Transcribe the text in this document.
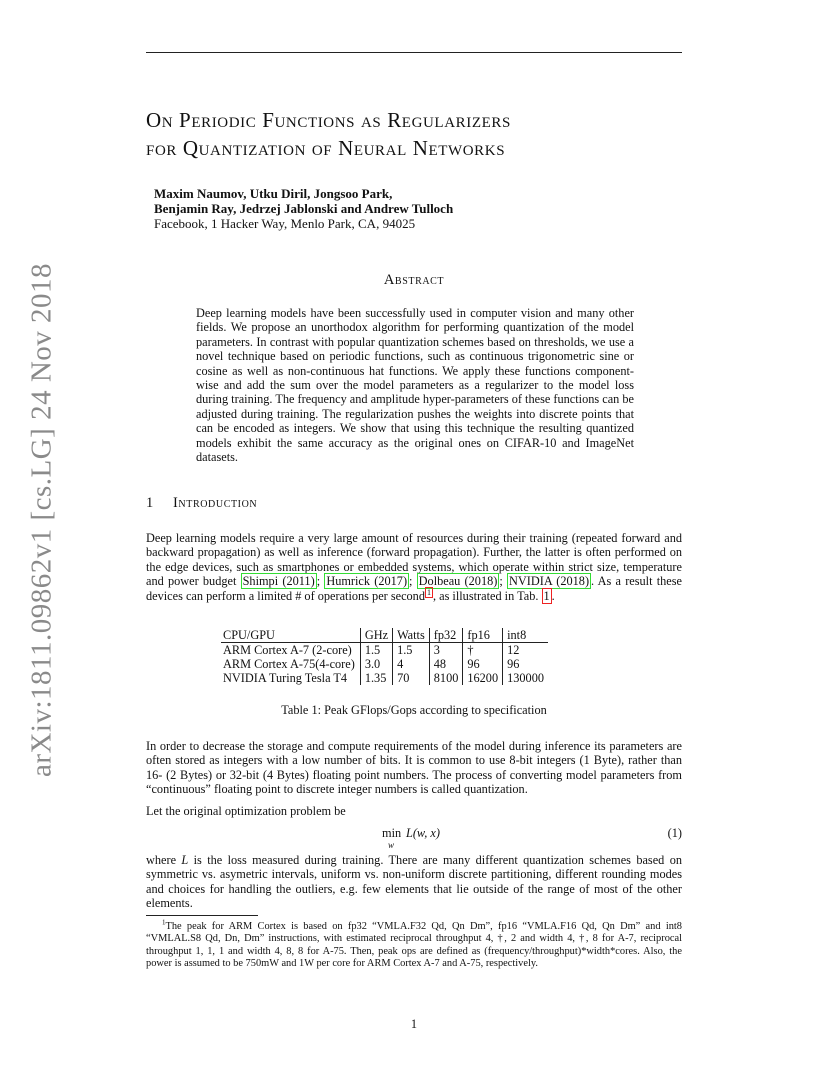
arXiv:1811.09862v1 [cs.LG] 24 Nov 2018
On Periodic Functions as Regularizers
for Quantization of Neural Networks
Maxim Naumov, Utku Diril, Jongsoo Park,
Benjamin Ray, Jedrzej Jablonski and Andrew Tulloch
Facebook, 1 Hacker Way, Menlo Park, CA, 94025
Abstract
Deep learning models have been successfully used in computer vision and many other fields. We propose an unorthodox algorithm for performing quantization of the model parameters. In contrast with popular quantization schemes based on thresholds, we use a novel technique based on periodic functions, such as continuous trigonometric sine or cosine as well as non-continuous hat functions. We apply these functions component-wise and add the sum over the model parameters as a regularizer to the model loss during training. The frequency and amplitude hyper-parameters of these functions can be adjusted during training. The regularization pushes the weights into discrete points that can be encoded as integers. We show that using this technique the resulting quantized models exhibit the same accuracy as the original ones on CIFAR-10 and ImageNet datasets.
1 Introduction
Deep learning models require a very large amount of resources during their training (repeated forward and backward propagation) as well as inference (forward propagation). Further, the latter is often performed on the edge devices, such as smartphones or embedded systems, which operate within strict size, temperature and power budget Shimpi (2011) ; Humrick (2017) ; Dolbeau (2018) ; NVIDIA (2018) . As a result these devices can perform a limited # of operations per second $^1$ , as illustrated in Tab. 1 .
CPU/GPU	GHz	Watts	fp32	fp16	int8
ARM Cortex A-7 (2-core)	1.5	1.5	3	†	12
ARM Cortex A-75(4-core)	3.0	4	48	96	96
NVIDIA Turing Tesla T4	1.35	70	8100	16200	130000
Table 1: Peak GFlops/Gops according to specification
In order to decrease the storage and compute requirements of the model during inference its parameters are often stored as integers with a low number of bits. It is common to use 8-bit integers (1 Byte), rather than 16- (2 Bytes) or 32-bit (4 Bytes) floating point numbers. The process of converting model parameters from “continuous” floating point to discrete integer numbers is called quantization.
Let the original optimization problem be
min
w
L(w, x)	(1)
where L is the loss measured during training. There are many different quantization schemes based on symmetric vs. asymetric intervals, uniform vs. non-uniform discrete partitioning, different rounding modes and choices for handling the outliers, e.g. few elements that lie outside of the range of most of the other elements.
$^1$The peak for ARM Cortex is based on fp32 “VMLA.F32 Qd, Qn Dm”, fp16 “VMLA.F16 Qd, Qn Dm” and int8 “VMLAL.S8 Qd, Dn, Dm” instructions, with estimated reciprocal throughput 4, †, 2 and width 4, †, 8 for A-7, reciprocal throughput 1, 1, 1 and width 4, 8, 8 for A-75. Then, peak ops are defined as (frequency/throughput)*width*cores. Also, the power is assumed to be 750mW and 1W per core for ARM Cortex A-7 and A-75, respectively.
1
